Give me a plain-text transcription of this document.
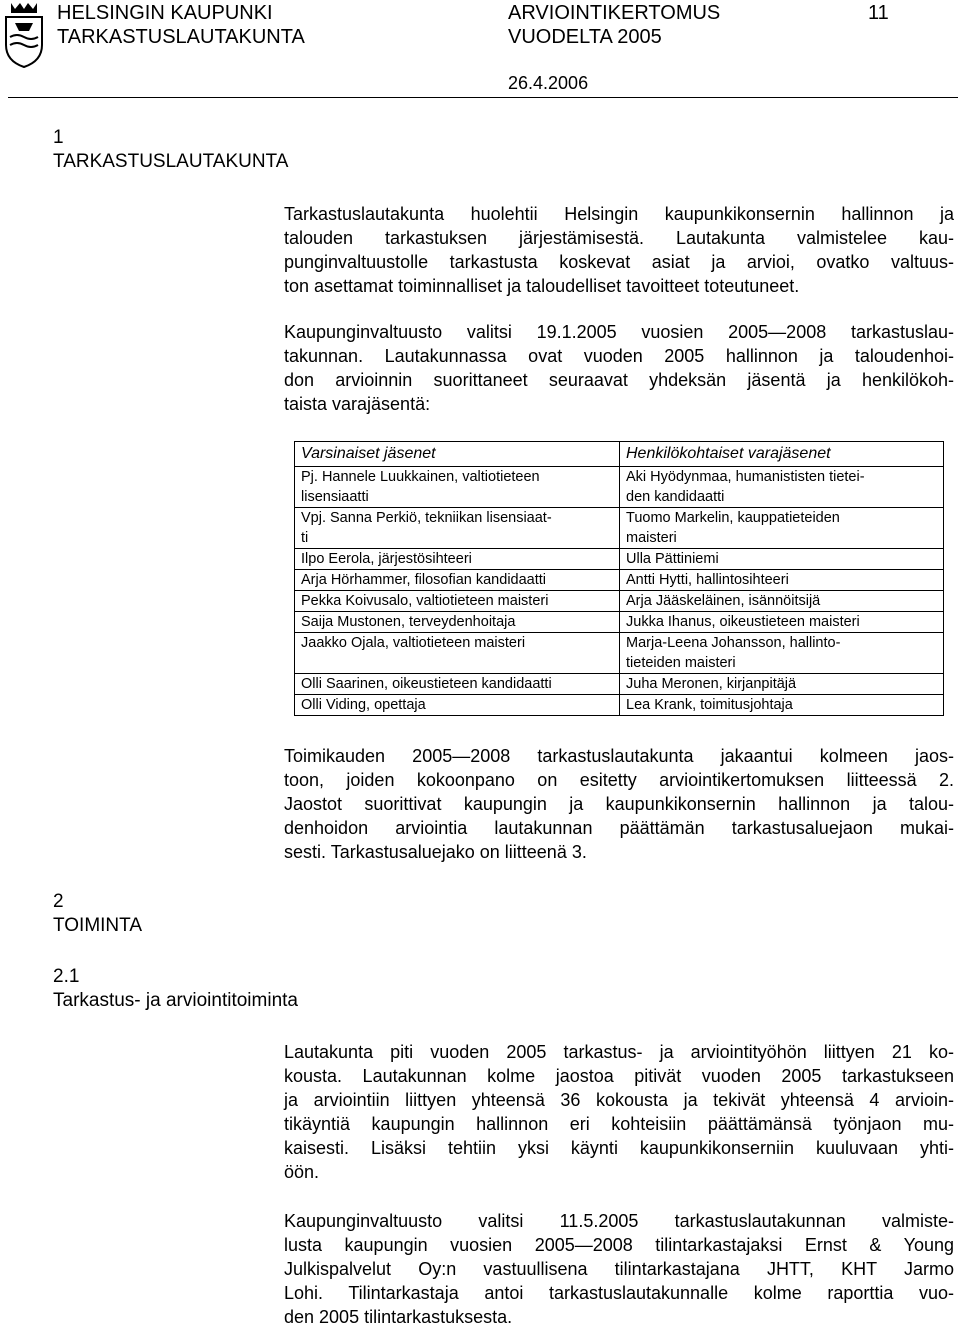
HELSINGIN KAUPUNKI
TARKASTUSLAUTAKUNTA
ARVIOINTIKERTOMUS
VUODELTA 2005
11
26.4.2006
1
TARKASTUSLAUTAKUNTA
Tarkastuslautakunta huolehtii Helsingin kaupunkikonsernin hallinnon ja
talouden tarkastuksen järjestämisestä. Lautakunta valmistelee kau-
punginvaltuustolle tarkastusta koskevat asiat ja arvioi, ovatko valtuus-
ton asettamat toiminnalliset ja taloudelliset tavoitteet toteutuneet.
Kaupunginvaltuusto valitsi 19.1.2005 vuosien 2005—2008 tarkastuslau-
takunnan. Lautakunnassa ovat vuoden 2005 hallinnon ja taloudenhoi-
don arvioinnin suorittaneet seuraavat yhdeksän jäsentä ja henkilökoh-
taista varajäsentä:
Varsinaiset jäsenet	Henkilökohtaiset varajäsenet
Pj. Hannele Luukkainen, valtiotieteen
lisensiaatti	Aki Hyödynmaa, humanististen tietei-
den kandidaatti
Vpj. Sanna Perkiö, tekniikan lisensiaat-
ti	Tuomo Markelin, kauppatieteiden
maisteri
Ilpo Eerola, järjestösihteeri	Ulla Pättiniemi
Arja Hörhammer, filosofian kandidaatti	Antti Hytti, hallintosihteeri
Pekka Koivusalo, valtiotieteen maisteri	Arja Jääskeläinen, isännöitsijä
Saija Mustonen, terveydenhoitaja	Jukka Ihanus, oikeustieteen maisteri
Jaakko Ojala, valtiotieteen maisteri	Marja-Leena Johansson, hallinto-
tieteiden maisteri
Olli Saarinen, oikeustieteen kandidaatti	Juha Meronen, kirjanpitäjä
Olli Viding, opettaja	Lea Krank, toimitusjohtaja
Toimikauden 2005—2008 tarkastuslautakunta jakaantui kolmeen jaos-
toon, joiden kokoonpano on esitetty arviointikertomuksen liitteessä 2.
Jaostot suorittivat kaupungin ja kaupunkikonsernin hallinnon ja talou-
denhoidon arviointia lautakunnan päättämän tarkastusaluejaon mukai-
sesti. Tarkastusaluejako on liitteenä 3.
2
TOIMINTA
2.1
Tarkastus- ja arviointitoiminta
Lautakunta piti vuoden 2005 tarkastus- ja arviointityöhön liittyen 21 ko-
kousta. Lautakunnan kolme jaostoa pitivät vuoden 2005 tarkastukseen
ja arviointiin liittyen yhteensä 36 kokousta ja tekivät yhteensä 4 arvioin-
tikäyntiä kaupungin hallinnon eri kohteisiin päättämänsä työnjaon mu-
kaisesti. Lisäksi tehtiin yksi käynti kaupunkikonserniin kuuluvaan yhti-
öön.
Kaupunginvaltuusto valitsi 11.5.2005 tarkastuslautakunnan valmiste-
lusta kaupungin vuosien 2005—2008 tilintarkastajaksi Ernst & Young
Julkispalvelut Oy:n vastuullisena tilintarkastajana JHTT, KHT Jarmo
Lohi. Tilintarkastaja antoi tarkastuslautakunnalle kolme raporttia vuo-
den 2005 tilintarkastuksesta.
